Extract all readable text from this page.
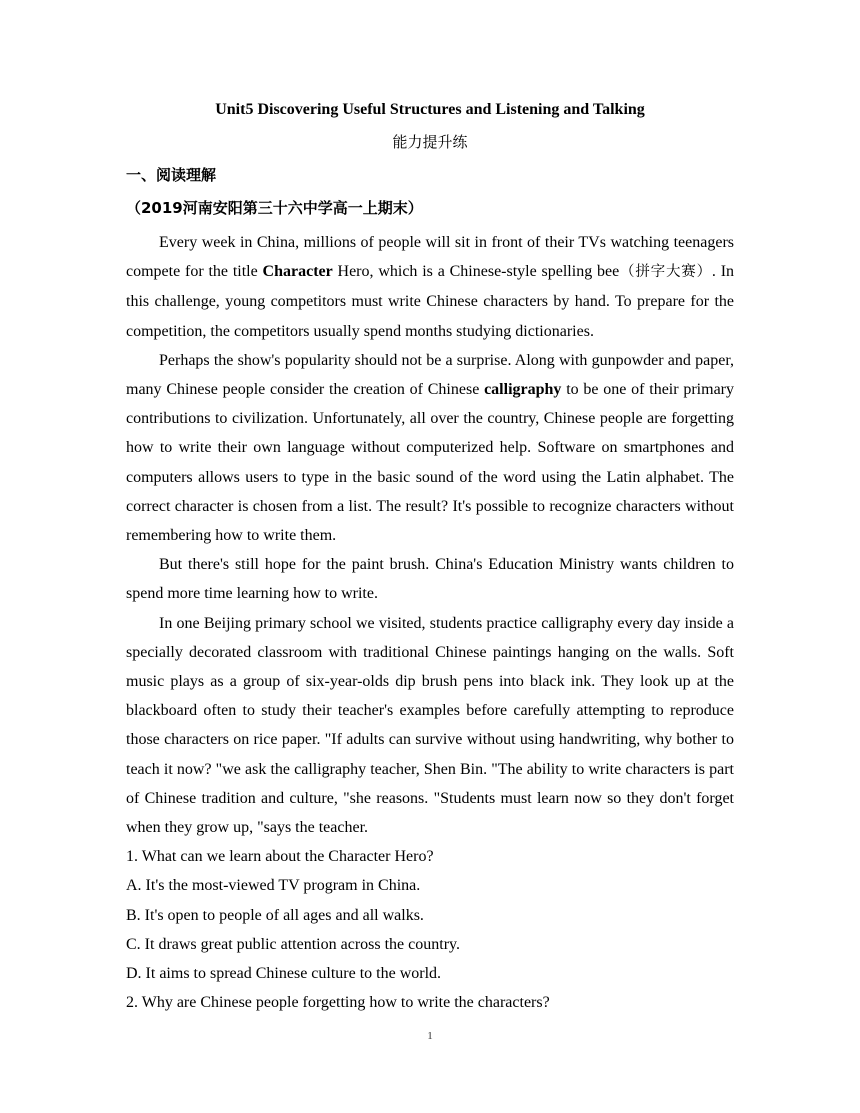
Unit5 Discovering Useful Structures and Listening and Talking
能力提升练
一、阅读理解
（2019河南安阳第三十六中学高一上期末）

Every week in China, millions of people will sit in front of their TVs watching teenagers compete for the title Character Hero, which is a Chinese-style spelling bee（拼字大赛）. In this challenge, young competitors must write Chinese characters by hand. To prepare for the competition, the competitors usually spend months studying dictionaries.

Perhaps the show's popularity should not be a surprise. Along with gunpowder and paper, many Chinese people consider the creation of Chinese calligraphy to be one of their primary contributions to civilization. Unfortunately, all over the country, Chinese people are forgetting how to write their own language without computerized help. Software on smartphones and computers allows users to type in the basic sound of the word using the Latin alphabet. The correct character is chosen from a list. The result? It's possible to recognize characters without remembering how to write them.

But there's still hope for the paint brush. China's Education Ministry wants children to spend more time learning how to write.

In one Beijing primary school we visited, students practice calligraphy every day inside a specially decorated classroom with traditional Chinese paintings hanging on the walls. Soft music plays as a group of six-year-olds dip brush pens into black ink. They look up at the blackboard often to study their teacher's examples before carefully attempting to reproduce those characters on rice paper. "If adults can survive without using handwriting, why bother to teach it now? "we ask the calligraphy teacher, Shen Bin. "The ability to write characters is part of Chinese tradition and culture, "she reasons. "Students must learn now so they don't forget when they grow up, "says the teacher.

1. What can we learn about the Character Hero?

A. It's the most-viewed TV program in China.

B. It's open to people of all ages and all walks.

C. It draws great public attention across the country.

D. It aims to spread Chinese culture to the world.

2. Why are Chinese people forgetting how to write the characters?

1
